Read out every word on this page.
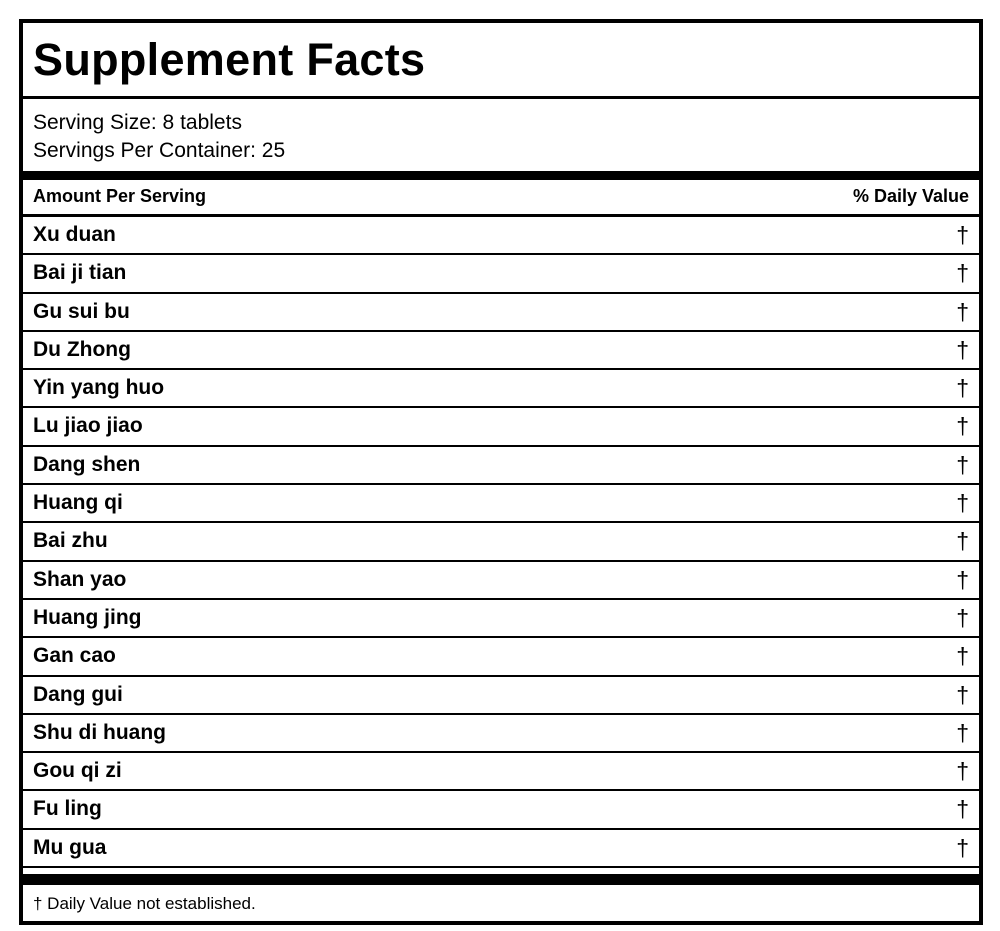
Supplement Facts
Serving Size: 8 tablets
Servings Per Container: 25
Amount Per Serving	% Daily Value
Xu duan	†
Bai ji tian	†
Gu sui bu	†
Du Zhong	†
Yin yang huo	†
Lu jiao jiao	†
Dang shen	†
Huang qi	†
Bai zhu	†
Shan yao	†
Huang jing	†
Gan cao	†
Dang gui	†
Shu di huang	†
Gou qi zi	†
Fu ling	†
Mu gua	†
† Daily Value not established.
